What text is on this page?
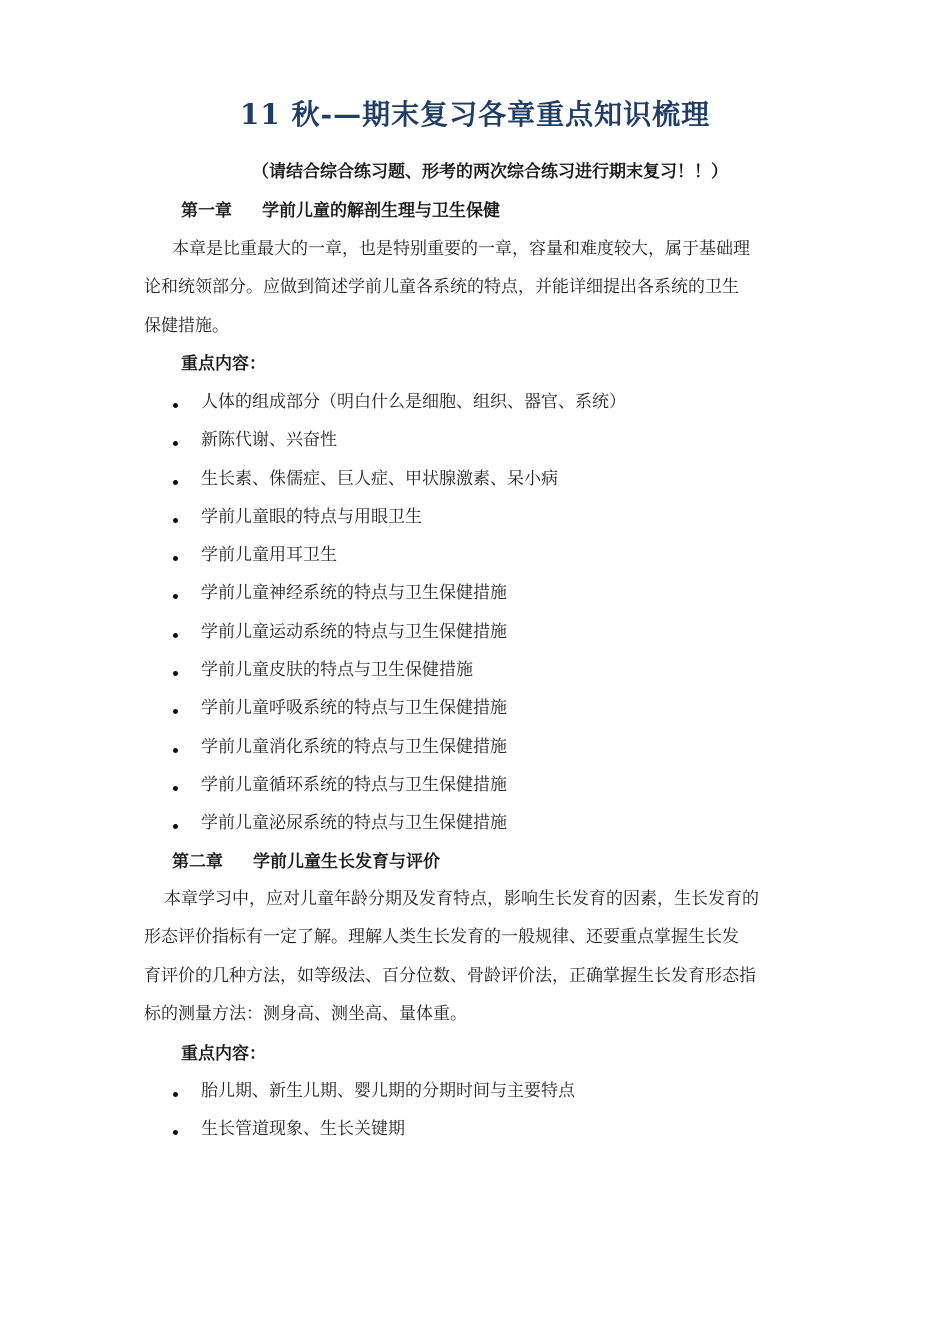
11 秋-—期末复习各章重点知识梳理
（请结合综合练习题、形考的两次综合练习进行期末复习！！）
第一章 学前儿童的解剖生理与卫生保健
本章是比重最大的一章，也是特别重要的一章，容量和难度较大，属于基础理
论和统领部分。应做到简述学前儿童各系统的特点，并能详细提出各系统的卫生
保健措施。
重点内容：
人体的组成部分（明白什么是细胞、组织、器官、系统）
新陈代谢、兴奋性
生长素、侏儒症、巨人症、甲状腺激素、呆小病
学前儿童眼的特点与用眼卫生
学前儿童用耳卫生
学前儿童神经系统的特点与卫生保健措施
学前儿童运动系统的特点与卫生保健措施
学前儿童皮肤的特点与卫生保健措施
学前儿童呼吸系统的特点与卫生保健措施
学前儿童消化系统的特点与卫生保健措施
学前儿童循环系统的特点与卫生保健措施
学前儿童泌尿系统的特点与卫生保健措施
第二章 学前儿童生长发育与评价
本章学习中，应对儿童年龄分期及发育特点，影响生长发育的因素，生长发育的
形态评价指标有一定了解。理解人类生长发育的一般规律、还要重点掌握生长发
育评价的几种方法，如等级法、百分位数、骨龄评价法，正确掌握生长发育形态指
标的测量方法：测身高、测坐高、量体重。
重点内容：
胎儿期、新生儿期、婴儿期的分期时间与主要特点
生长管道现象、生长关键期
